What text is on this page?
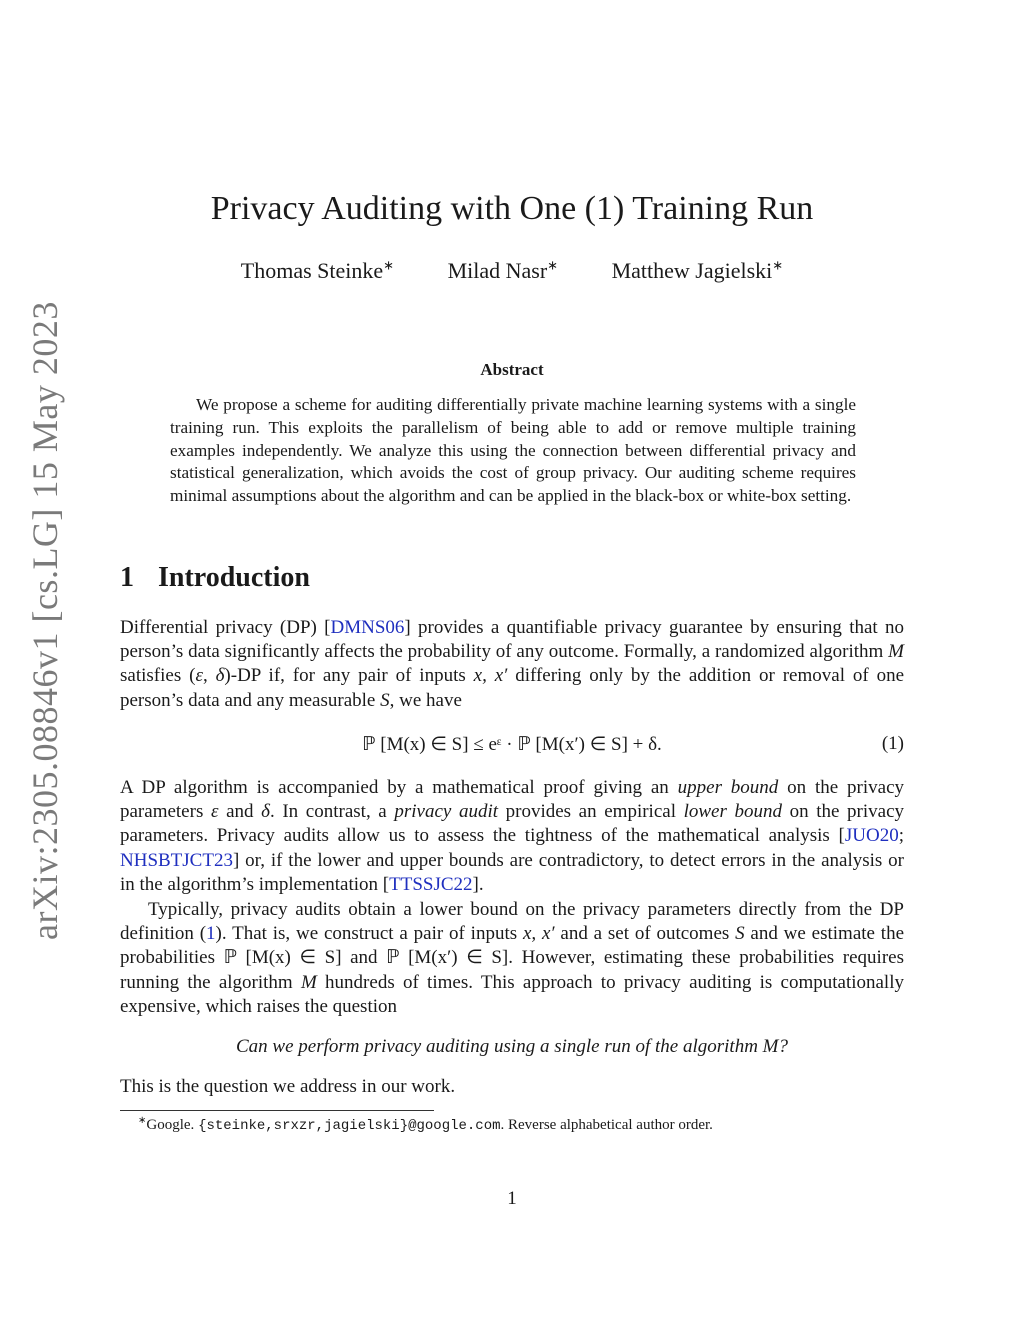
arXiv:2305.08846v1 [cs.LG] 15 May 2023
Privacy Auditing with One (1) Training Run
Thomas Steinke∗ Milad Nasr∗ Matthew Jagielski∗
Abstract
We propose a scheme for auditing differentially private machine learning systems with a single training run. This exploits the parallelism of being able to add or remove multiple training examples independently. We analyze this using the connection between differential privacy and statistical generalization, which avoids the cost of group privacy. Our auditing scheme requires minimal assumptions about the algorithm and can be applied in the black-box or white-box setting.
1 Introduction
Differential privacy (DP) [DMNS06] provides a quantifiable privacy guarantee by ensuring that no person’s data significantly affects the probability of any outcome. Formally, a randomized algorithm M satisfies (ε, δ)-DP if, for any pair of inputs x, x′ differing only by the addition or removal of one person’s data and any measurable S, we have
ℙ [M(x) ∈ S] ≤ eᵋ · ℙ [M(x′) ∈ S] + δ.	(1)
A DP algorithm is accompanied by a mathematical proof giving an upper bound on the privacy parameters ε and δ. In contrast, a privacy audit provides an empirical lower bound on the privacy parameters. Privacy audits allow us to assess the tightness of the mathematical analysis [JUO20; NHSBTJCT23] or, if the lower and upper bounds are contradictory, to detect errors in the analysis or in the algorithm’s implementation [TTSSJC22].
Typically, privacy audits obtain a lower bound on the privacy parameters directly from the DP definition (1). That is, we construct a pair of inputs x, x′ and a set of outcomes S and we estimate the probabilities ℙ [M(x) ∈ S] and ℙ [M(x′) ∈ S]. However, estimating these probabilities requires running the algorithm M hundreds of times. This approach to privacy auditing is computationally expensive, which raises the question
Can we perform privacy auditing using a single run of the algorithm M?
This is the question we address in our work.
∗Google. {steinke,srxzr,jagielski}@google.com. Reverse alphabetical author order.
1
